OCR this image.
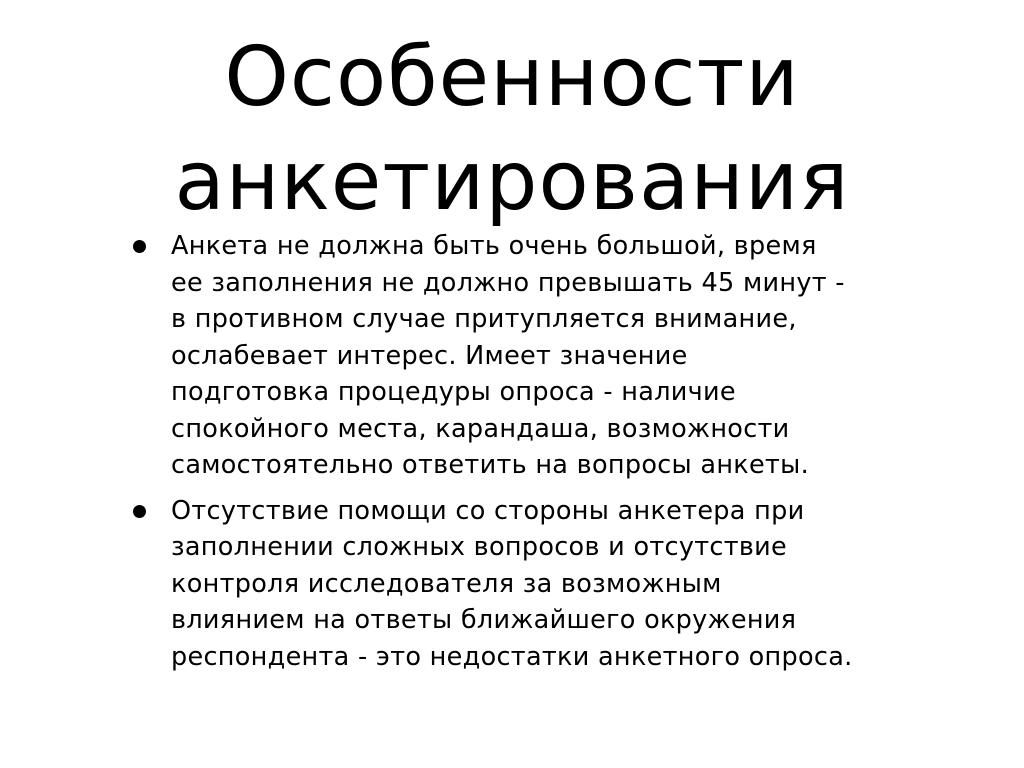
Особенности
анкетирования
Анкета не должна быть очень большой, время
ее заполнения не должно превышать 45 минут -
в противном случае притупляется внимание,
ослабевает интерес. Имеет значение
подготовка процедуры опроса - наличие
спокойного места, карандаша, возможности
самостоятельно ответить на вопросы анкеты.
Отсутствие помощи со стороны анкетера при
заполнении сложных вопросов и отсутствие
контроля исследователя за возможным
влиянием на ответы ближайшего окружения
респондента - это недостатки анкетного опроса.
